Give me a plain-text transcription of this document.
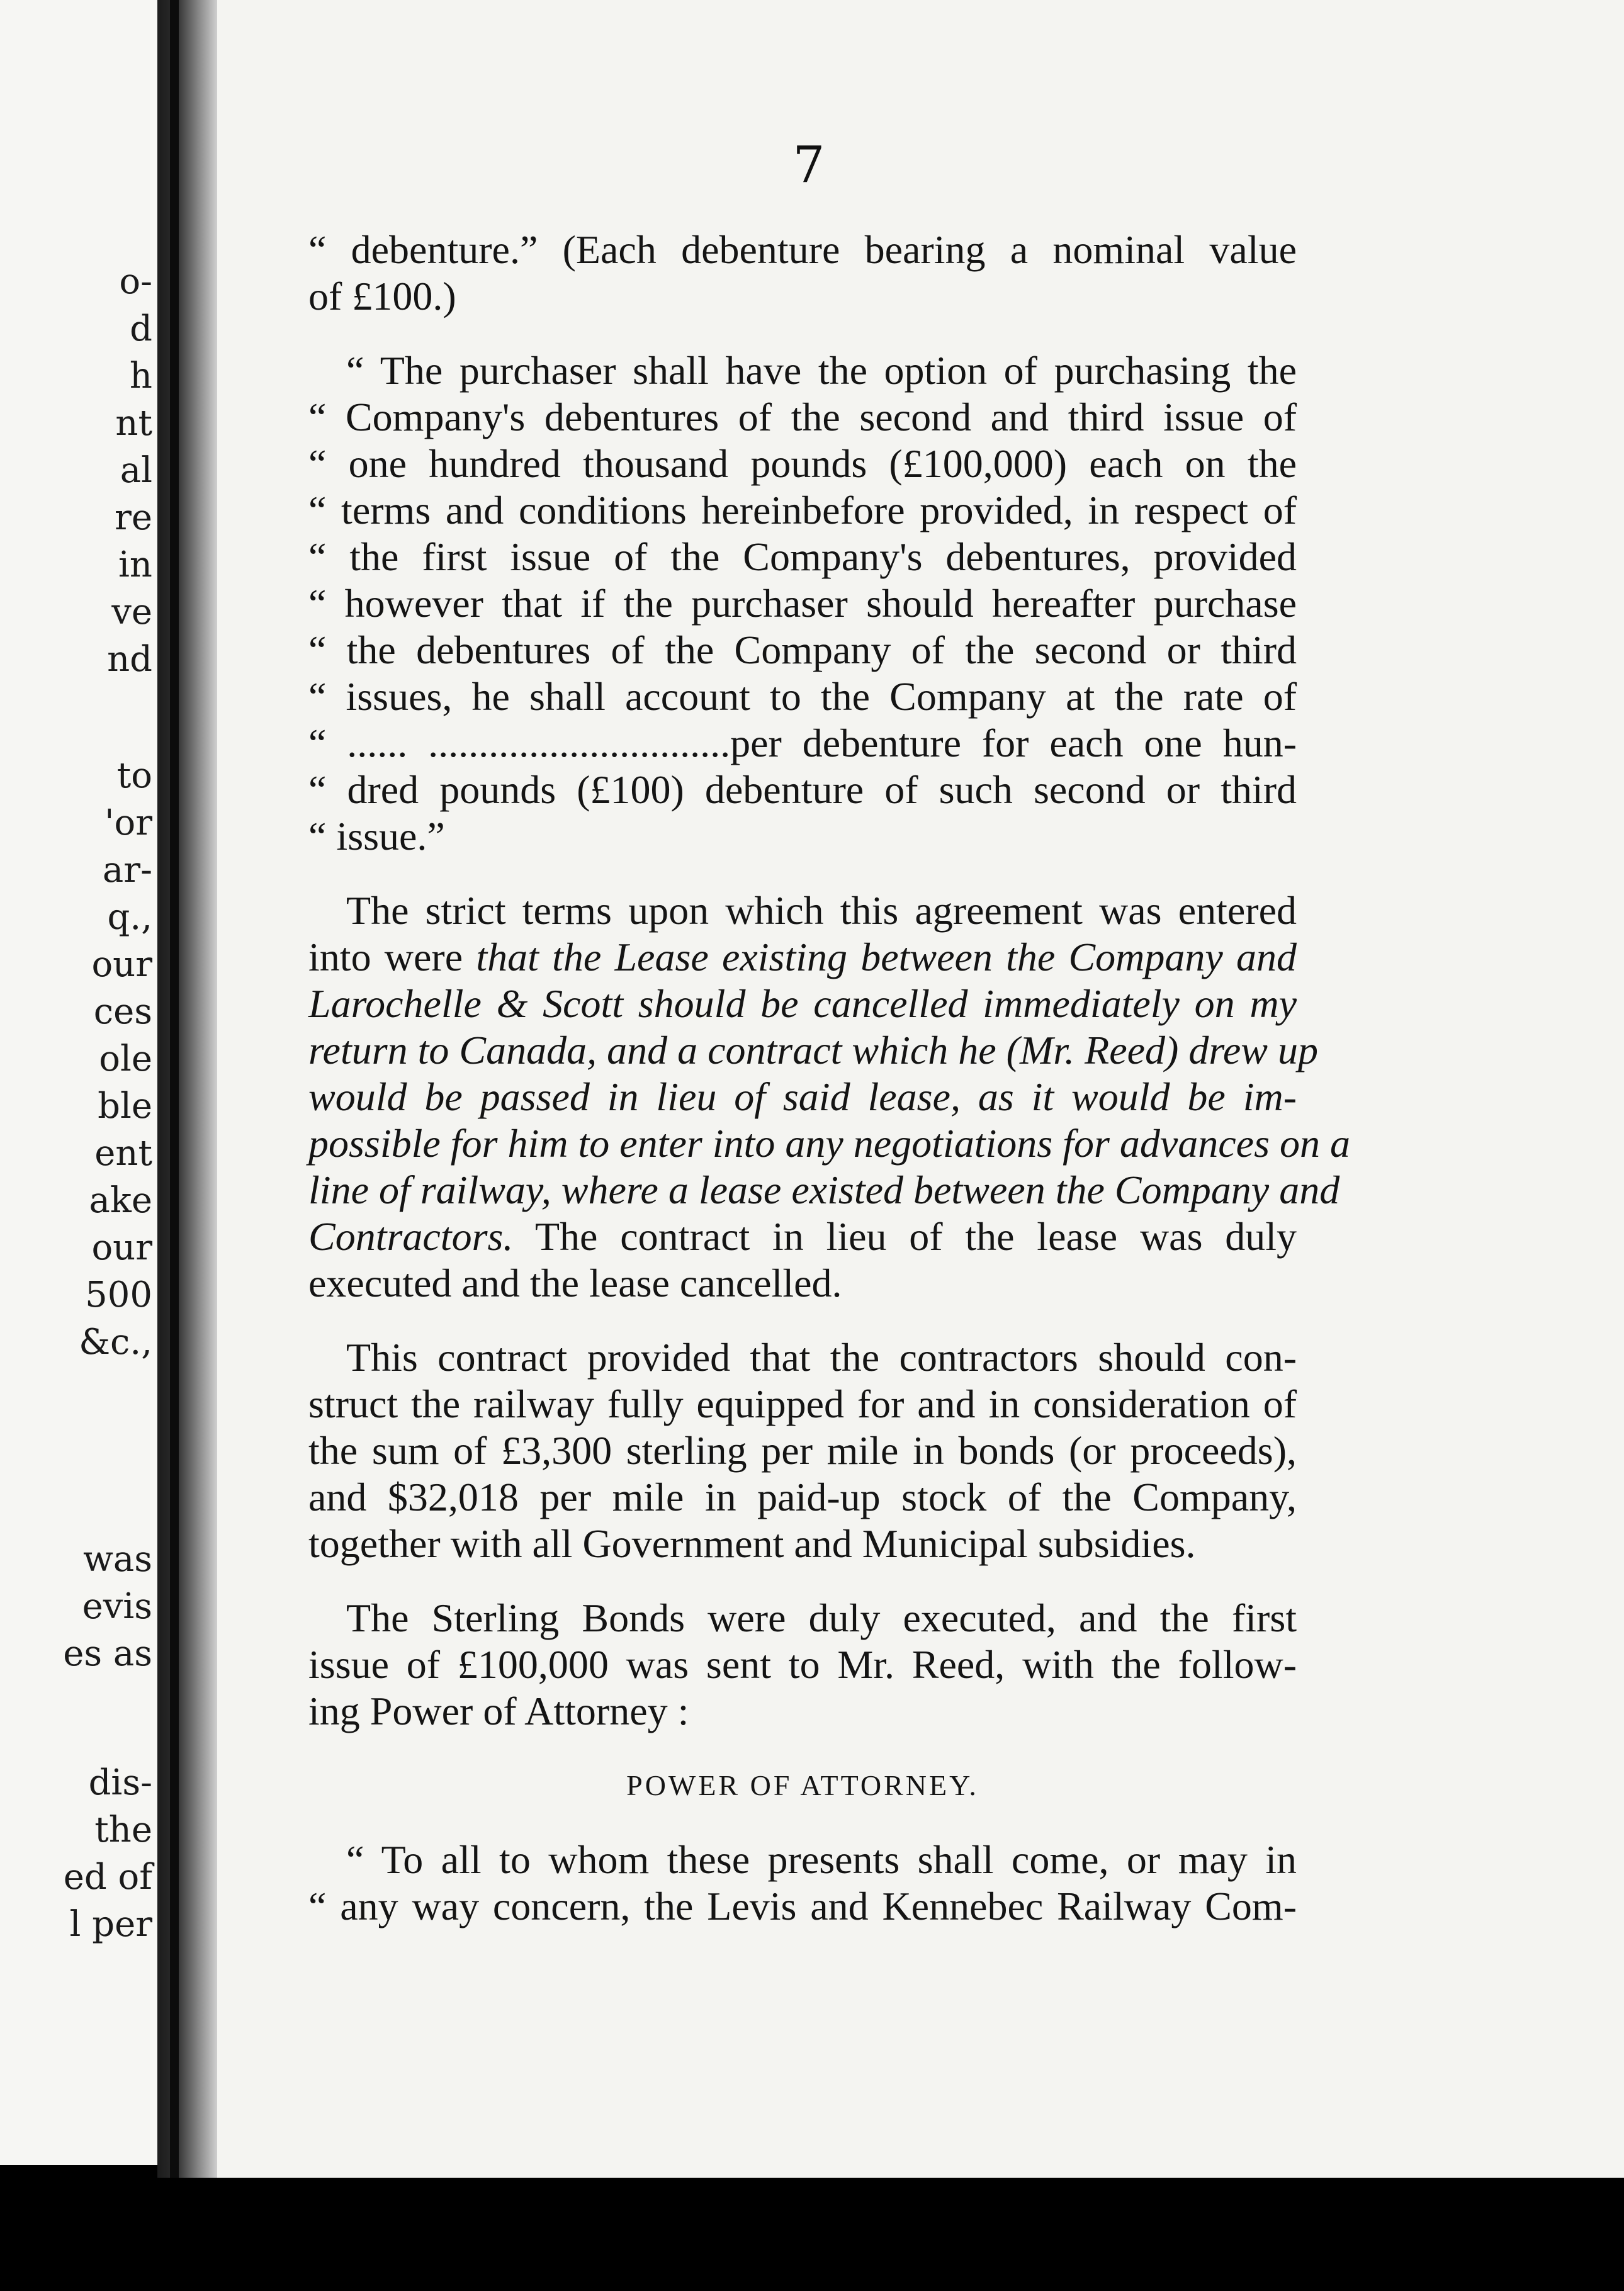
o-
d
h
nt
al
re
in
ve
nd
to
'or
ar-
q.,
our
ces
ole
ble
ent
ake
our
500
&c.,
was
evis
es as
dis-
the
ed of
l per
7
“ debenture.” (Each debenture bearing a nominal value
of £100.)
“ The purchaser shall have the option of purchasing the
“ Company's debentures of the second and third issue of
“ one hundred thousand pounds (£100,000) each on the
“ terms and conditions hereinbefore provided, in respect of
“ the first issue of the Company's debentures, provided
“ however that if the purchaser should hereafter purchase
“ the debentures of the Company of the second or third
“ issues, he shall account to the Company at the rate of
“ ...... ..............................per debenture for each one hun-
“ dred pounds (£100) debenture of such second or third
“ issue.”
The strict terms upon which this agreement was entered
into were that the Lease existing between the Company and
Larochelle & Scott should be cancelled immediately on my
return to Canada, and a contract which he (Mr. Reed) drew up
would be passed in lieu of said lease, as it would be im-
possible for him to enter into any negotiations for advances on a
line of railway, where a lease existed between the Company and
Contractors. The contract in lieu of the lease was duly
executed and the lease cancelled.
This contract provided that the contractors should con-
struct the railway fully equipped for and in consideration of
the sum of £3,300 sterling per mile in bonds (or proceeds),
and $32,018 per mile in paid-up stock of the Company,
together with all Government and Municipal subsidies.
The Sterling Bonds were duly executed, and the first
issue of £100,000 was sent to Mr. Reed, with the follow-
ing Power of Attorney :
POWER OF ATTORNEY.
“ To all to whom these presents shall come, or may in
“ any way concern, the Levis and Kennebec Railway Com-
